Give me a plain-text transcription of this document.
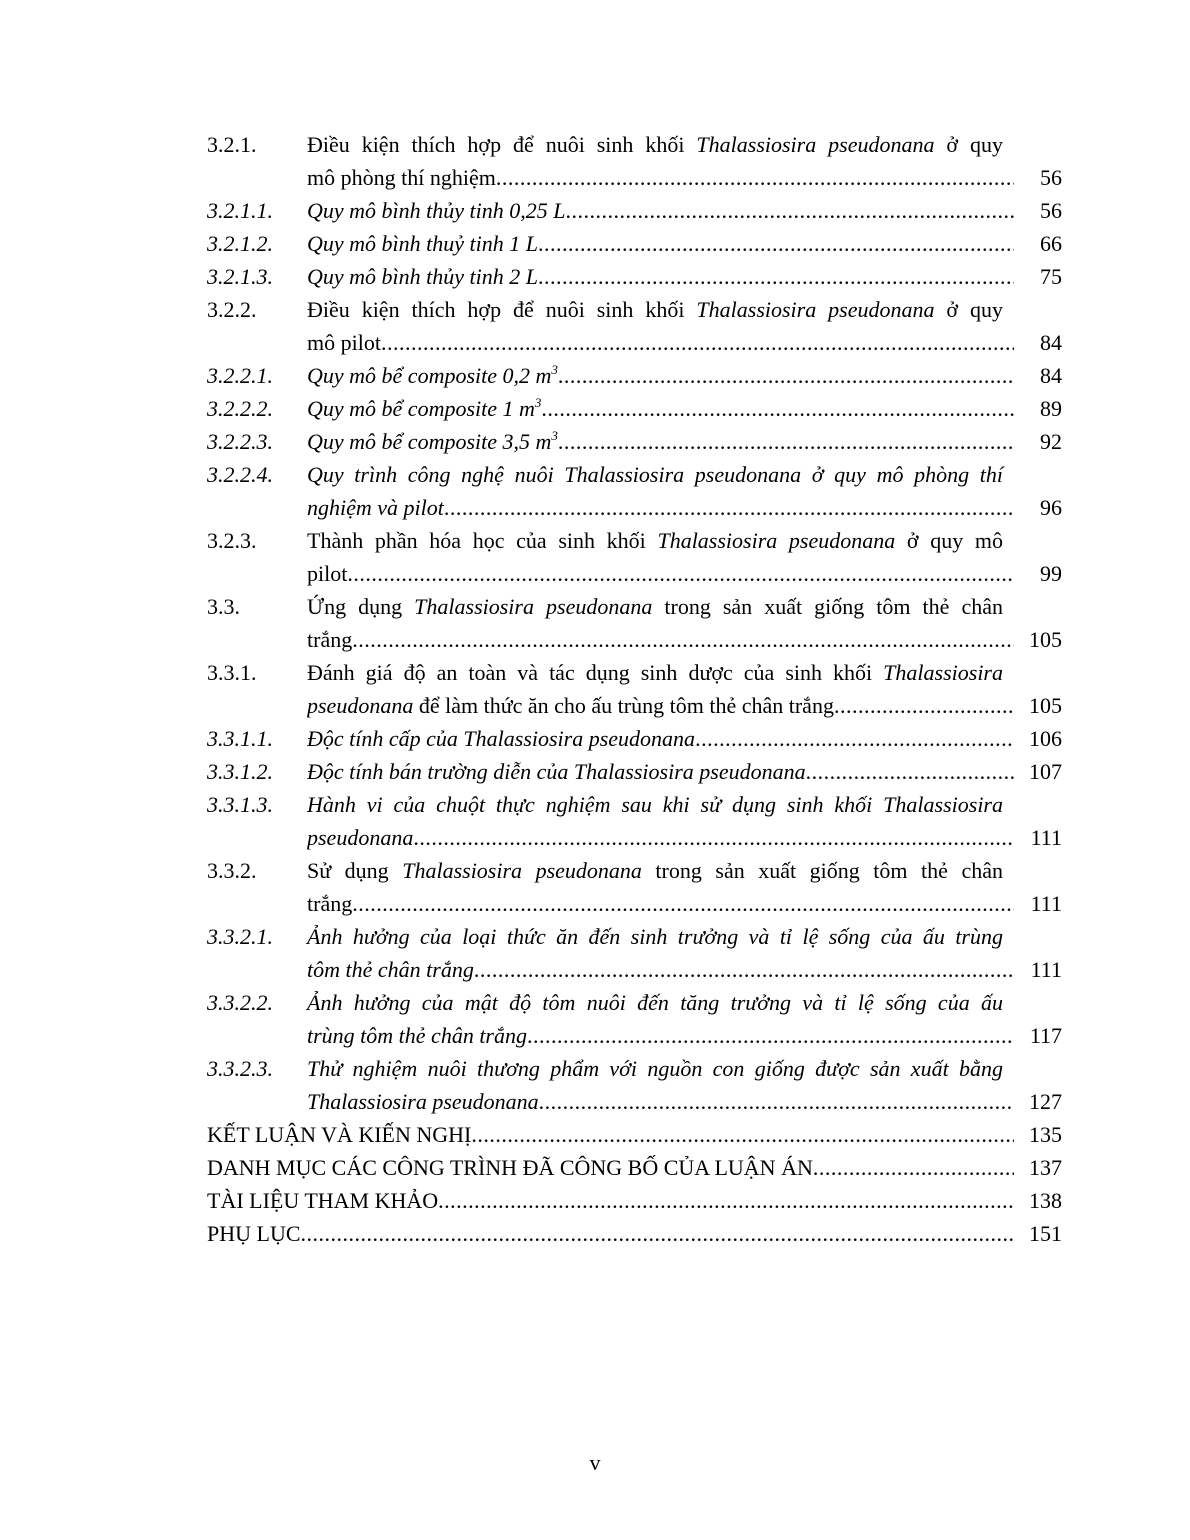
3.2.1. Điều kiện thích hợp để nuôi sinh khối Thalassiosira pseudonana ở quy
mô phòng thí nghiệm .....	56
3.2.1.1. Quy mô bình thủy tinh 0,25 L .....	56
3.2.1.2. Quy mô bình thuỷ tinh 1 L .....	66
3.2.1.3. Quy mô bình thủy tinh 2 L .....	75
3.2.2. Điều kiện thích hợp để nuôi sinh khối Thalassiosira pseudonana ở quy
mô pilot .....	84
3.2.2.1. Quy mô bể composite 0,2 $m^3$ .....	84
3.2.2.2. Quy mô bể composite 1 $m^3$ .....	89
3.2.2.3. Quy mô bể composite 3,5 $m^3$ .....	92
3.2.2.4. Quy trình công nghệ nuôi Thalassiosira pseudonana ở quy mô phòng thí
nghiệm và pilot .....	96
3.2.3. Thành phần hóa học của sinh khối Thalassiosira pseudonana ở quy mô
pilot .....	99
3.3.	Ứng dụng Thalassiosira pseudonana trong sản xuất giống tôm thẻ chân
trắng .....	105
3.3.1. Đánh giá độ an toàn và tác dụng sinh dược của sinh khối Thalassiosira
pseudonana để làm thức ăn cho ấu trùng tôm thẻ chân trắng .....	105
3.3.1.1. Độc tính cấp của Thalassiosira pseudonana .....	106
3.3.1.2. Độc tính bán trường diễn của Thalassiosira pseudonana .....	107
3.3.1.3. Hành vi của chuột thực nghiệm sau khi sử dụng sinh khối Thalassiosira
pseudonana .....	111
3.3.2. Sử dụng Thalassiosira pseudonana trong sản xuất giống tôm thẻ chân
trắng .....	111
3.3.2.1. Ảnh hưởng của loại thức ăn đến sinh trưởng và tỉ lệ sống của ấu trùng
tôm thẻ chân trắng .....	111
3.3.2.2. Ảnh hưởng của mật độ tôm nuôi đến tăng trưởng và tỉ lệ sống của ấu
trùng tôm thẻ chân trắng .....	117
3.3.2.3. Thử nghiệm nuôi thương phẩm với nguồn con giống được sản xuất bằng
Thalassiosira pseudonana .....	127
KẾT LUẬN VÀ KIẾN NGHỊ .....	135
DANH MỤC CÁC CÔNG TRÌNH ĐÃ CÔNG BỐ CỦA LUẬN ÁN .....	137
TÀI LIỆU THAM KHẢO .....	138
PHỤ LỤC .....	151
v
